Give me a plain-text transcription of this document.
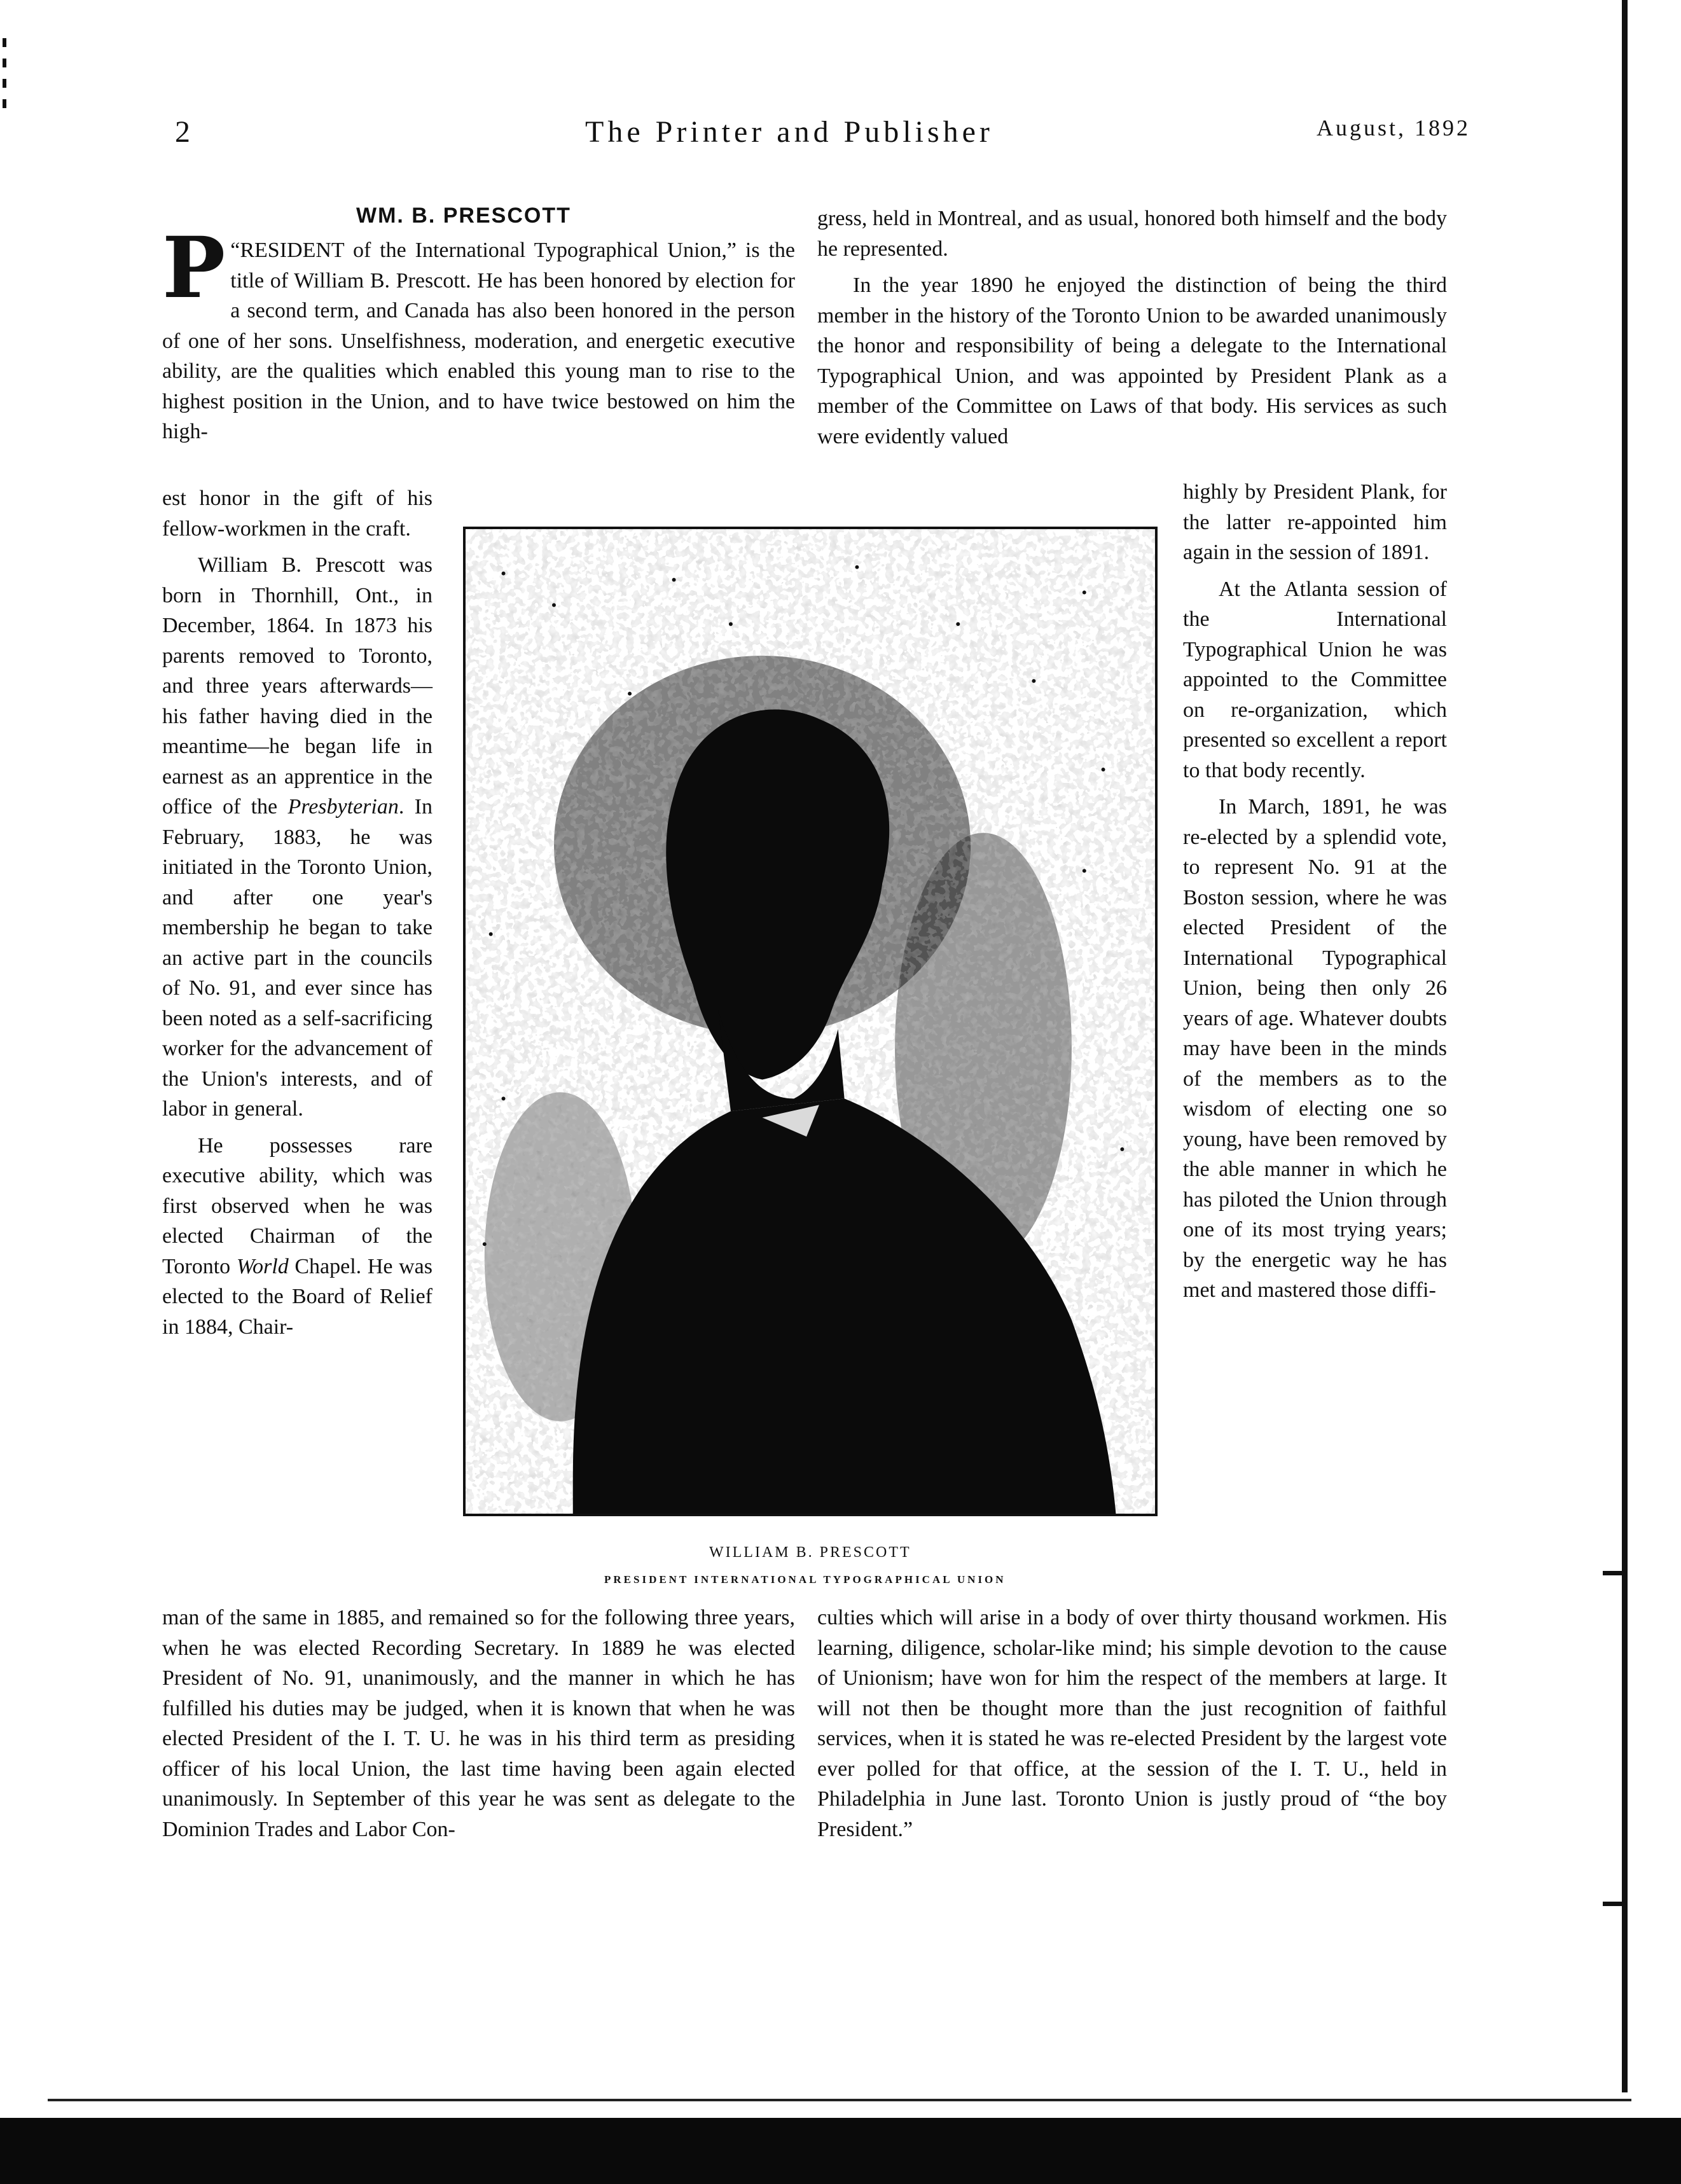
2	The Printer and Publisher	August, 1892
WM. B. PRESCOTT

P “RESIDENT of the International Typographical Union,” is the title of William B. Prescott. He has been honored by election for a second term, and Canada has also been honored in the person of one of her sons. Unselfishness, moderation, and energetic executive ability, are the qualities which enabled this young man to rise to the highest position in the Union, and to have twice bestowed on him the high-

est honor in the gift of his fellow-workmen in the craft.
William B. Prescott was born in Thornhill, Ont., in December, 1864. In 1873 his parents removed to Toronto, and three years afterwards—his father having died in the meantime—he began life in earnest as an apprentice in the office of the Presbyterian. In February, 1883, he was initiated in the Toronto Union, and after one year's membership he began to take an active part in the councils of No. 91, and ever since has been noted as a self-sacrificing worker for the advancement of the Union's interests, and of labor in general.
He possesses rare executive ability, which was first observed when he was elected Chairman of the Toronto World Chapel. He was elected to the Board of Relief in 1884, Chair-

man of the same in 1885, and remained so for the following three years, when he was elected Recording Secretary. In 1889 he was elected President of No. 91, unanimously, and the manner in which he has fulfilled his duties may be judged, when it is known that when he was elected President of the I. T. U. he was in his third term as presiding officer of his local Union, the last time having been again elected unanimously. In September of this year he was sent as delegate to the Dominion Trades and Labor Con-

gress, held in Montreal, and as usual, honored both himself and the body he represented.
In the year 1890 he enjoyed the distinction of being the third member in the history of the Toronto Union to be awarded unanimously the honor and responsibility of being a delegate to the International Typographical Union, and was appointed by President Plank as a member of the Committee on Laws of that body. His services as such were evidently valued
highly by President Plank, for the latter re-appointed him again in the session of 1891.
At the Atlanta session of the International Typographical Union he was appointed to the Committee on re-organization, which presented so excellent a report to that body recently.
In March, 1891, he was re-elected by a splendid vote, to represent No. 91 at the Boston session, where he was elected President of the International Typographical Union, being then only 26 years of age. Whatever doubts may have been in the minds of the members as to the wisdom of electing one so young, have been removed by the able manner in which he has piloted the Union through one of its most trying years; by the energetic way he has met and mastered those diffi-

culties which will arise in a body of over thirty thousand workmen. His learning, diligence, scholar-like mind; his simple devotion to the cause of Unionism; have won for him the respect of the members at large. It will not then be thought more than the just recognition of faithful services, when it is stated he was re-elected President by the largest vote ever polled for that office, at the session of the I. T. U., held in Philadelphia in June last. Toronto Union is justly proud of “the boy President.”

WILLIAM B. PRESCOTT
PRESIDENT INTERNATIONAL TYPOGRAPHICAL UNION
